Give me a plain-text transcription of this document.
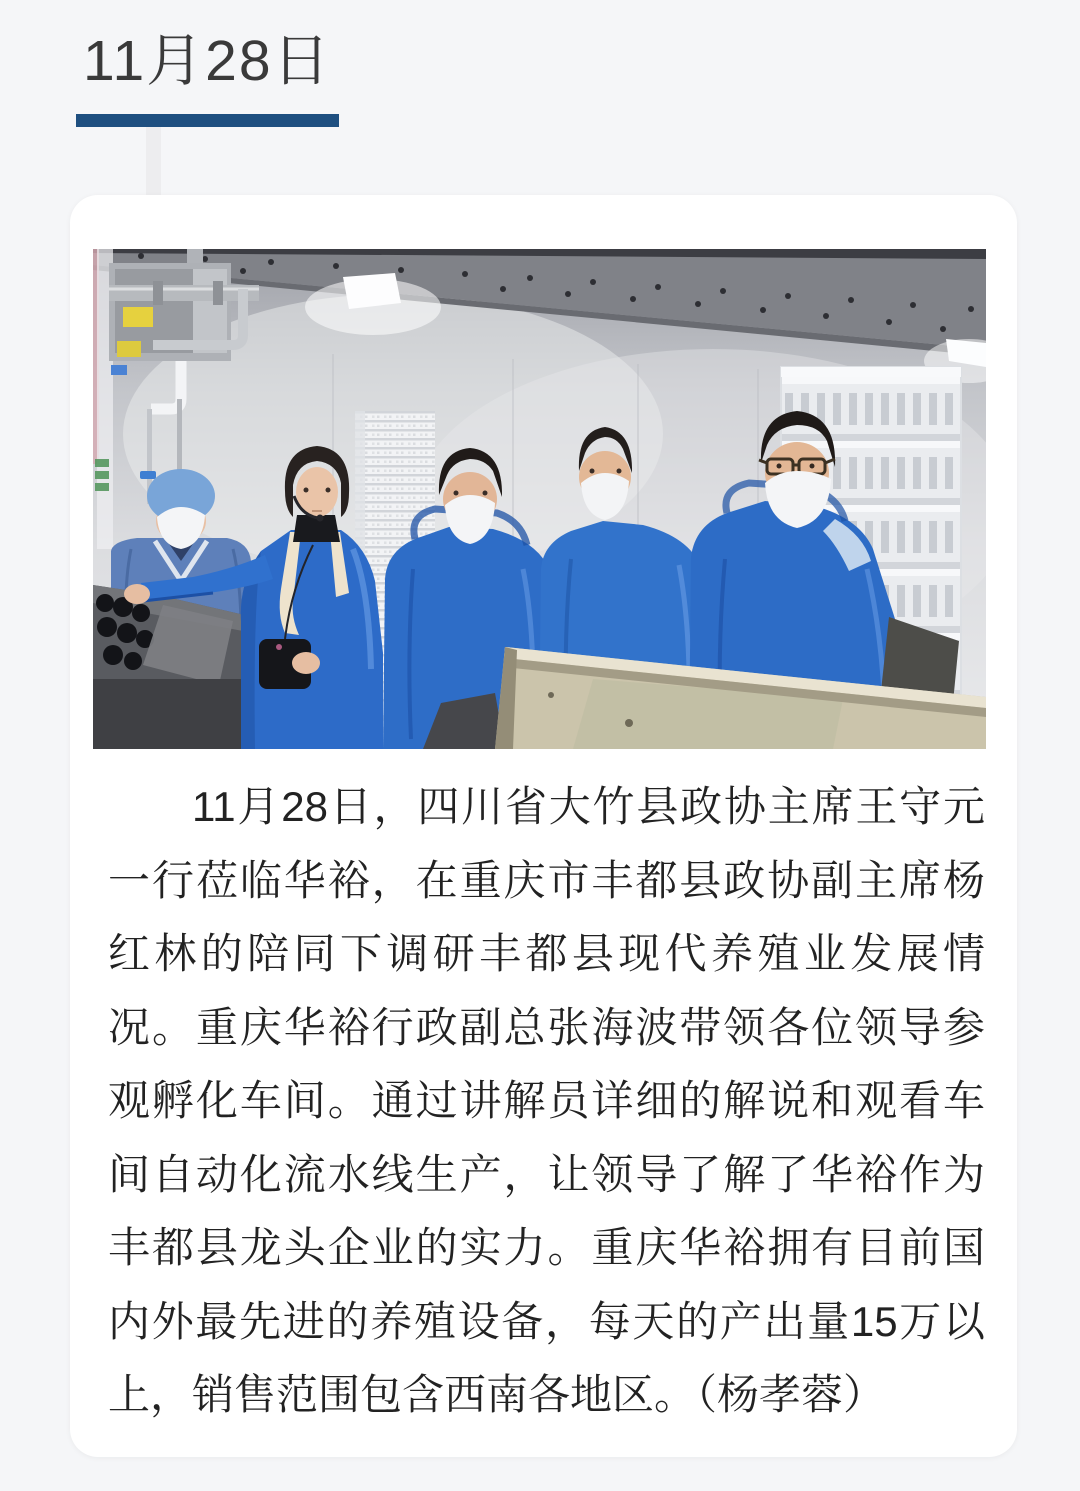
11月28日
11月28日，四川省大竹县政协主席王守元
一行莅临华裕，在重庆市丰都县政协副主席杨
红林的陪同下调研丰都县现代养殖业发展情
况。重庆华裕行政副总张海波带领各位领导参
观孵化车间。通过讲解员详细的解说和观看车
间自动化流水线生产，让领导了解了华裕作为
丰都县龙头企业的实力。重庆华裕拥有目前国
内外最先进的养殖设备，每天的产出量15万以
上，销售范围包含西南各地区。（杨孝蓉）
